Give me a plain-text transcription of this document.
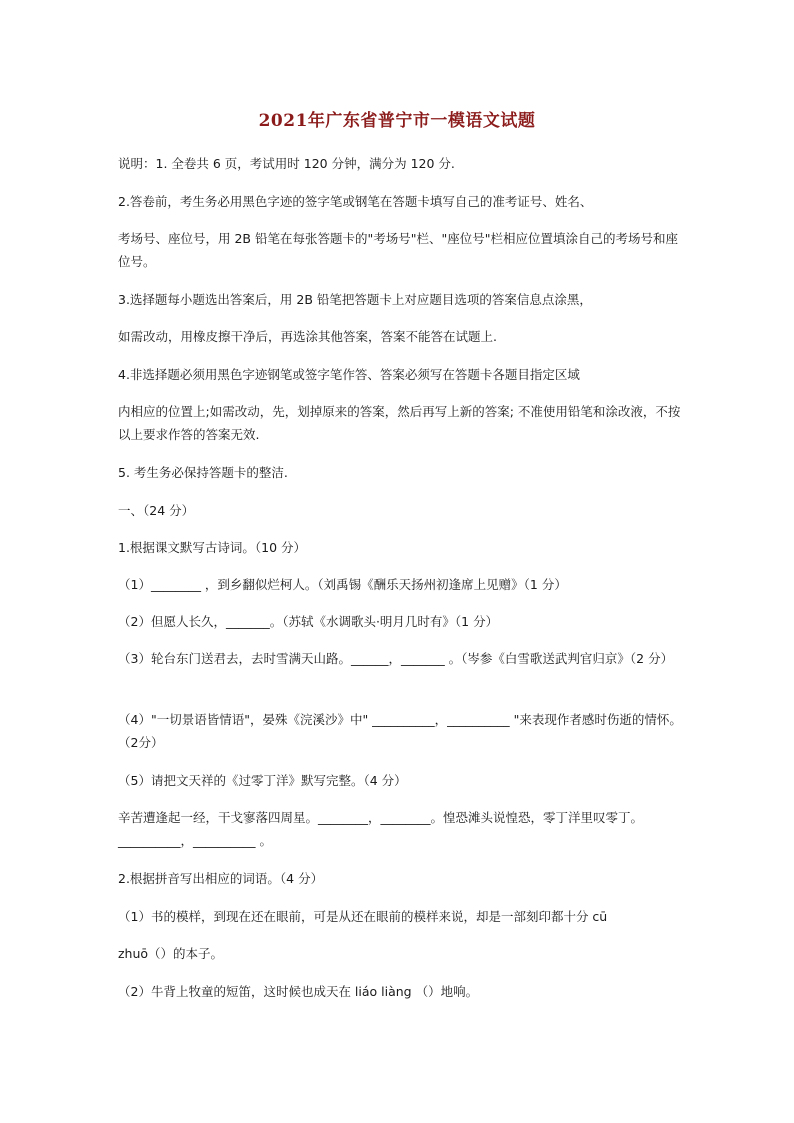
2021年广东省普宁市一模语文试题
说明：1. 全卷共 6 页，考试用时 120 分钟，满分为 120 分.
2.答卷前，考生务必用黑色字迹的签字笔或钢笔在答题卡填写自己的准考证号、姓名、
考场号、座位号，用 2B 铅笔在每张答题卡的"考场号"栏、"座位号"栏相应位置填涂自己的考场号和座位号。
3.选择题每小题选出答案后，用 2B 铅笔把答题卡上对应题目选项的答案信息点涂黑，
如需改动，用橡皮擦干净后，再选涂其他答案，答案不能答在试题上.
4.非选择题必须用黑色字迹钢笔或签字笔作答、答案必须写在答题卡各题目指定区域
内相应的位置上;如需改动，先，划掉原来的答案，然后再写上新的答案; 不准使用铅笔和涂改液，不按以上要求作答的答案无效.
5. 考生务必保持答题卡的整洁.
一、（24 分）
1.根据课文默写古诗词。（10 分）
（1）________ ，到乡翻似烂柯人。（刘禹锡《酬乐天扬州初逢席上见赠》（1 分）
（2）但愿人长久，_______。（苏轼《水调歌头·明月几时有》（1 分）
（3）轮台东门送君去，去时雪满天山路。______，_______ 。（岑参《白雪歌送武判官归京》（2 分）
（4）"一切景语皆情语"，晏殊《浣溪沙》中" __________，__________ "来表现作者感时伤逝的情怀。（2分）
（5）请把文天祥的《过零丁洋》默写完整。（4 分）
辛苦遭逢起一经，干戈寥落四周星。________，________。惶恐滩头说惶恐，零丁洋里叹零丁。__________，__________ 。
2.根据拼音写出相应的词语。（4 分）
（1）书的模样，到现在还在眼前，可是从还在眼前的模样来说，却是一部刻印都十分 cū
zhuō（）的本子。
（2）牛背上牧童的短笛，这时候也成天在 liáo liàng （）地响。
